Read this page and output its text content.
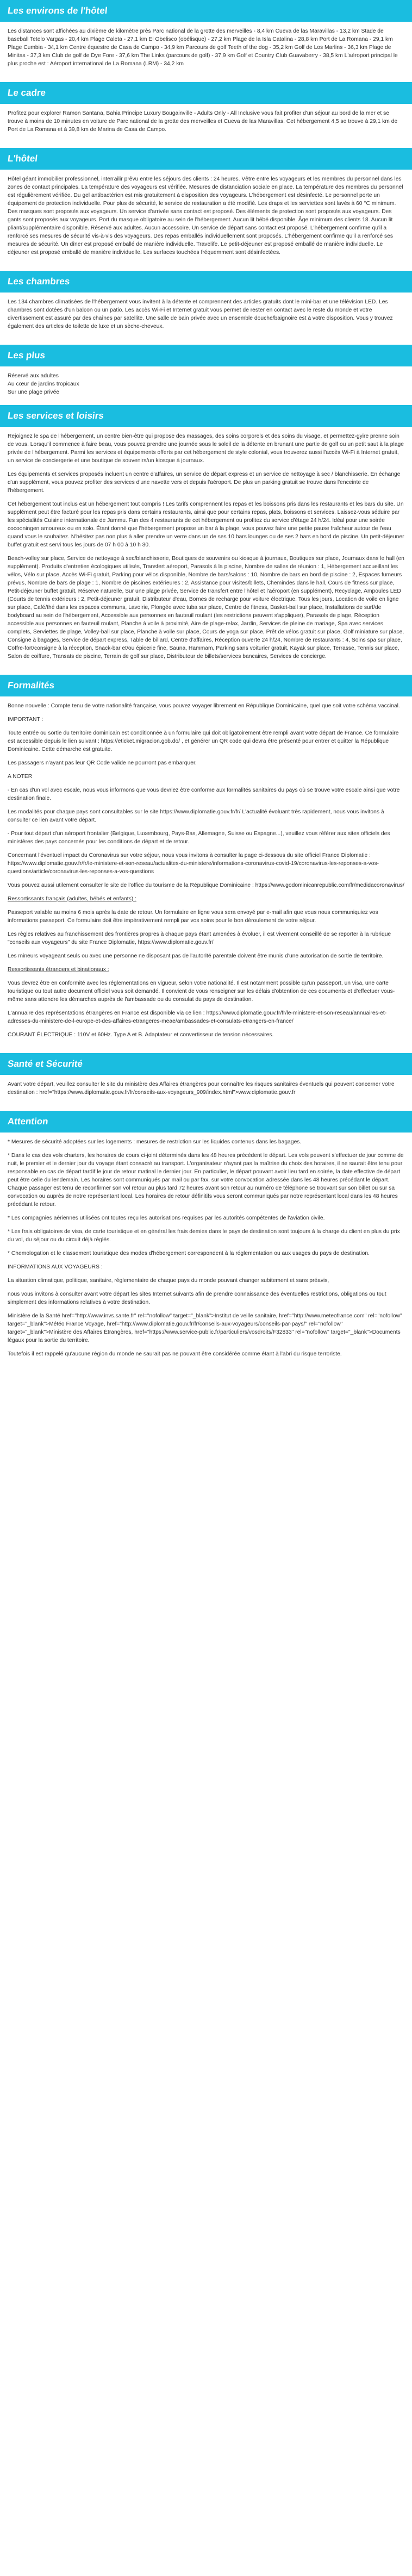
Les environs de l'hôtel

Les distances sont affichées au dixième de kilomètre près Parc national de la grotte des merveilles - 8,4 km Cueva de las Maravillas - 13,2 km Stade de baseball Tetelo Vargas - 20,4 km Plage Caleta - 27,1 km El Obelisco (obélisque) - 27,2 km Plage de la Isla Catalina - 28,8 km Port de La Romana - 29,1 km Plage Cumbia - 34,1 km Centre équestre de Casa de Campo - 34,9 km Parcours de golf Teeth of the dog - 35,2 km Golf de Los Marlins - 36,3 km Plage de Minitas - 37,3 km Club de golf de Dye Fore - 37,6 km The Links (parcours de golf) - 37,9 km Golf et Country Club Guavaberry - 38,5 km L'aéroport principal le plus proche est : Aéroport international de La Romana (LRM) - 34,2 km

Le cadre

Profitez pour explorer Ramon Santana, Bahia Principe Luxury Bougainville - Adults Only - All Inclusive vous fait profiter d'un séjour au bord de la mer et se trouve à moins de 10 minutes en voiture de Parc national de la grotte des merveilles et Cueva de las Maravillas. Cet hébergement 4,5 se trouve à 29,1 km de Port de La Romana et à 39,8 km de Marina de Casa de Campo.

L'hôtel

Hôtel géant immobilier professionnel, interrailir prêvu entre les séjours des clients : 24 heures. Vêtre entre les voyageurs et les membres du personnel dans les zones de contact principales. La température des voyageurs est vérifiée. Mesures de distanciation sociale en place. La température des membres du personnel est régulièrement vérifiée. Du gel antibactérien est mis gratuitement à disposition des voyageurs. L'hébergement est désinfecté. Le personnel porte un équipement de protection individuelle. Pour plus de sécurité, le service de restauration a été modifié. Les draps et les serviettes sont lavés à 60 °C minimum. Des masques sont proposés aux voyageurs. Un service d'arrivée sans contact est proposé. Des éléments de protection sont proposés aux voyageurs. Des gants sont proposés aux voyageurs. Port du masque obligatoire au sein de l'hébergement. Aucun lit bébé disponible. Âge minimum des clients 18. Aucun lit pliant/supplémentaire disponible. Réservé aux adultes. Aucun accessoire. Un service de départ sans contact est proposé. L'hébergement confirme qu'il a renforcé ses mesures de sécurité vis-à-vis des voyageurs. Des repas emballés individuellement sont proposés. L'hébergement confirme qu'il a renforcé ses mesures de sécurité. Un dîner est proposé emballé de manière individuelle. Travelife. Le petit-déjeuner est proposé emballé de manière individuelle. Le déjeuner est proposé emballé de manière individuelle. Les surfaces touchées fréquemment sont désinfectées.

Les chambres

Les 134 chambres climatisées de l'hébergement vous invitent à la détente et comprennent des articles gratuits dont le mini-bar et une télévision LED. Les chambres sont dotées d'un balcon ou un patio. Les accès Wi-Fi et Internet gratuit vous permet de rester en contact avec le reste du monde et votre divertissement est assuré par des chaînes par satellite. Une salle de bain privée avec un ensemble douche/baignoire est à votre disposition. Vous y trouvez également des articles de toilette de luxe et un sèche-cheveux.

Les plus
Réservé aux adultes
Au cœur de jardins tropicaux
Sur une plage privée
Les services et loisirs

Rejoignez le spa de l'hébergement, un centre bien-être qui propose des massages, des soins corporels et des soins du visage, et permettez-gyire prenne soin de vous. Lorsqu'il commence à faire beau, vous pouvez prendre une journée sous le soleil de la détente en brunant une partie de golf ou un petit saut à la plage privée de l'hébergement. Parmi les services et équipements offerts par cet hébergement de style colonial, vous trouverez aussi l'accès Wi-Fi à Internet gratuit, un service de conciergerie et une boutique de souvenirs/un kiosque à journaux.

Les équipements et services proposés incluent un centre d'affaires, un service de départ express et un service de nettoyage à sec / blanchisserie. En échange d'un supplément, vous pouvez profiter des services d'une navette vers et depuis l'aéroport. De plus un parking gratuit se trouve dans l'enceinte de l'hébergement.

Cet hébergement tout inclus est un hébergement tout compris ! Les tarifs comprennent les repas et les boissons pris dans les restaurants et les bars du site. Un supplément peut être facturé pour les repas pris dans certains restaurants, ainsi que pour certains repas, plats, boissons et services. Laissez-vous séduire par les spécialités Cuisine internationale de Jammu. Fun des 4 restaurants de cet hébergement ou profitez du service d'étage 24 h/24. Idéal pour une soirée cocooningen amoureux ou en solo. Étant donné que l'hébergement propose un bar à la plage, vous pouvez faire une petite pause fraîcheur autour de l'eau quand vous le souhaitez. N'hésitez pas non plus à aller prendre un verre dans un de ses 10 bars lounges ou de ses 2 bars en bord de piscine. Un petit-déjeuner buffet gratuit est servi tous les jours de 07 h 00 à 10 h 30.

Beach-volley sur place, Service de nettoyage à sec/blanchisserie, Boutiques de souvenirs ou kiosque à journaux, Boutiques sur place, Journaux dans le hall (en supplément). Produits d'entretien écologiques utilisés, Transfert aéroport, Parasols à la piscine, Nombre de salles de réunion : 1, Hébergement accueillant les vélos, Vélo sur place, Accès Wi-Fi gratuit, Parking pour vélos disponible, Nombre de bars/salons : 10, Nombre de bars en bord de piscine : 2, Espaces fumeurs prévus, Nombre de bars de plage : 1, Nombre de piscines extérieures : 2, Assistance pour visites/billets, Chemindes dans le hall, Cours de fitness sur place, Petit-déjeuner buffet gratuit, Réserve naturelle, Sur une plage privée, Service de transfert entre l'hôtel et l'aéroport (en supplément), Recyclage, Ampoules LED (Courts de tennis extérieurs : 2, Petit-déjeuner gratuit, Distributeur d'eau, Bornes de recharge pour voiture électrique. Tous les jours, Location de voile en ligne sur place, Café/thé dans les espaces communs, Lavoirie, Plongée avec tuba sur place, Centre de fitness, Basket-ball sur place, Installations de surf/de bodyboard au sein de l'hébergement, Accessible aux personnes en fauteuil roulant (les restrictions peuvent s'appliquer), Parasols de plage, Réception accessible aux personnes en fauteuil roulant, Planche à voile à proximité, Aire de plage-relax, Jardin, Services de pleine de mariage, Spa avec services complets, Serviettes de plage, Volley-ball sur place, Planche à voile sur place, Cours de yoga sur place, Prêt de vélos gratuit sur place, Golf miniature sur place, Consigne à bagages, Service de départ express, Table de billard, Centre d'affaires, Réception ouverte 24 h/24, Nombre de restaurants : 4, Soins spa sur place, Coffre-fort/consigne à la réception, Snack-bar et/ou épicerie fine, Sauna, Hammam, Parking sans voiturier gratuit, Kayak sur place, Terrasse, Tennis sur place, Salon de coiffure, Transats de piscine, Terrain de golf sur place, Distributeur de billets/services bancaires, Services de concierge.

Formalités

Bonne nouvelle : Compte tenu de votre nationalité française, vous pouvez voyager librement en République Dominicaine, quel que soit votre schéma vaccinal.

IMPORTANT :

Toute entrée ou sortie du territoire dominicain est conditionnée à un formulaire qui doit obligatoirement être rempli avant votre départ de France. Ce formulaire est accessible depuis le lien suivant : https://eticket.migracion.gob.do/ , et générer un QR code qui devra être présenté pour entrer et quitter la République Dominicaine. Cette démarche est gratuite.

Les passagers n'ayant pas leur QR Code valide ne pourront pas embarquer.

A NOTER

- En cas d'un vol avec escale, nous vous informons que vous devriez être conforme aux formalités sanitaires du pays où se trouve votre escale ainsi que votre destination finale.

Les modalités pour chaque pays sont consultables sur le site https://www.diplomatie.gouv.fr/fr/ L'actualité évoluant très rapidement, nous vous invitons à consulter ce lien avant votre départ.

- Pour tout départ d'un aéroport frontalier (Belgique, Luxembourg, Pays-Bas, Allemagne, Suisse ou Espagne...), veuillez vous référer aux sites officiels des ministères des pays concernés pour les conditions de départ et de retour.

Concernant l'éventuel impact du Coronavirus sur votre séjour, nous vous invitons à consulter la page ci-dessous du site officiel France Diplomatie : https://www.diplomatie.gouv.fr/fr/le-ministere-et-son-reseau/actualites-du-ministere/informations-coronavirus-covid-19/coronavirus-les-reponses-a-vos-questions/article/coronavirus-les-reponses-a-vos-questions

Vous pouvez aussi utilement consulter le site de l'office du tourisme de la République Dominicaine : https://www.godominicanrepublic.com/fr/medidacoronavirus/

Ressortissants français (adultes, bébés et enfants) :

Passeport valable au moins 6 mois après la date de retour. Un formulaire en ligne vous sera envoyé par e-mail afin que vous nous communiquiez vos informations passeport. Ce formulaire doit être impérativement rempli par vos soins pour le bon déroulement de votre séjour.

Les règles relatives au franchissement des frontières propres à chaque pays étant amenées à évoluer, il est vivement conseillé de se reporter à la rubrique "conseils aux voyageurs" du site France Diplomatie, https://www.diplomatie.gouv.fr/

Les mineurs voyageant seuls ou avec une personne ne disposant pas de l'autorité parentale doivent être munis d'une autorisation de sortie de territoire.

Ressortissants étrangers et binationaux :

Vous devrez être en conformité avec les réglementations en vigueur, selon votre nationalité. Il est notamment possible qu'un passeport, un visa, une carte touristique ou tout autre document officiel vous soit demandé. Il convient de vous renseigner sur les délais d'obtention de ces documents et d'effectuer vous-même sans attendre les démarches auprès de l'ambassade ou du consulat du pays de destination.

L'annuaire des représentations étrangères en France est disponible via ce lien : https://www.diplomatie.gouv.fr/fr/le-ministere-et-son-reseau/annuaires-et-adresses-du-ministere-de-l-europe-et-des-affaires-etrangeres-meae/ambassades-et-consulats-etrangers-en-france/

COURANT ÉLECTRIQUE : 110V et 60Hz. Type A et B. Adaptateur et convertisseur de tension nécessaires.

Santé et Sécurité

Avant votre départ, veuillez consulter le site du ministère des Affaires étrangères pour connaître les risques sanitaires éventuels qui peuvent concerner votre destination : href="https://www.diplomatie.gouv.fr/fr/conseils-aux-voyageurs_909/index.html">www.diplomatie.gouv.fr

Attention

* Mesures de sécurité adoptées sur les logements : mesures de restriction sur les liquides contenus dans les bagages.

* Dans le cas des vols charters, les horaires de cours ci-joint déterminés dans les 48 heures précédent le départ. Les vols peuvent s'effectuer de jour comme de nuit, le premier et le dernier jour du voyage étant consacré au transport. L'organisateur n'ayant pas la maîtrise du choix des horaires, il ne saurait être tenu pour responsable en cas de départ tardif le jour de retour matinal le dernier jour. En particulier, le départ pouvant avoir lieu tard en soirée, la date effective de départ peut être celle du lendemain. Les horaires sont communiqués par mail ou par fax, sur votre convocation adressée dans les 48 heures précédant le départ. Chaque passager est tenu de reconfirmer son vol retour au plus tard 72 heures avant son retour au numéro de téléphone se trouvant sur son billet ou sur sa convocation ou auprès de notre représentant local. Les horaires de retour définitifs vous seront communiqués par notre représentant local dans les 48 heures précédant le retour.

* Les compagnies aériennes utilisées ont toutes reçu les autorisations requises par les autorités compétentes de l'aviation civile.

* Les frais obligatoires de visa, de carte touristique et en général les frais demies dans le pays de destination sont toujours à la charge du client en plus du prix du vol, du séjour ou du circuit déjà réglés.

* Chemologation et le classement touristique des modes d'hébergement correspondent à la réglementation ou aux usages du pays de destination.

INFORMATIONS AUX VOYAGEURS :

La situation climatique, politique, sanitaire, réglementaire de chaque pays du monde pouvant changer subitement et sans préavis,

nous vous invitons à consulter avant votre départ les sites Internet suivants afin de prendre connaissance des éventuelles restrictions, obligations ou tout simplement des informations relatives à votre destination.

Ministère de la Santé href="http://www.invs.sante.fr" rel="nofollow" target="_blank">Institut de veille sanitaire, href="http://www.meteofrance.com" rel="nofollow" target="_blank">Météo France Voyage, href="http://www.diplomatie.gouv.fr/fr/conseils-aux-voyageurs/conseils-par-pays/" rel="nofollow" target="_blank">Ministère des Affaires Étrangères, href="https://www.service-public.fr/particuliers/vosdroits/F32833" rel="nofollow" target="_blank">Documents légaux pour la sortie du territoire.

Toutefois il est rappelé qu'aucune région du monde ne saurait pas ne pouvant être considérée comme étant à l'abri du risque terroriste.
